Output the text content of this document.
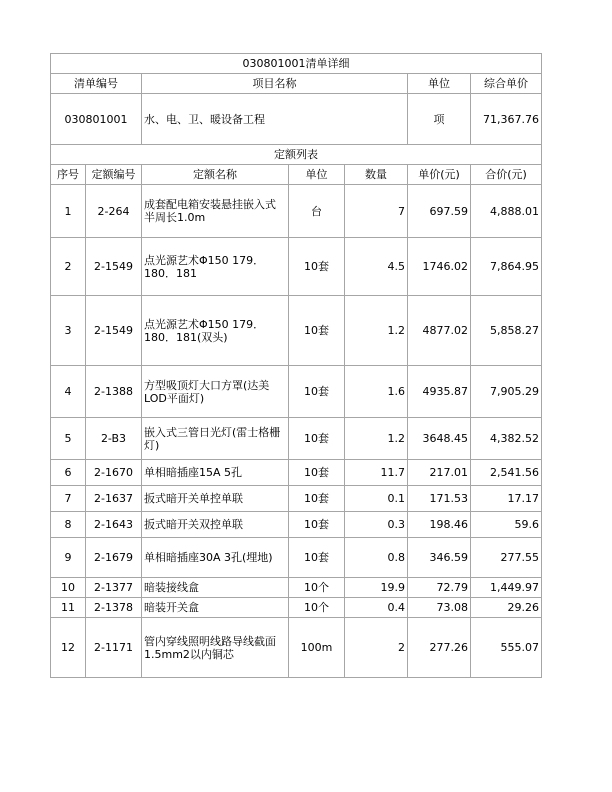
030801001清单详细			
清单编号	项目名称	单位	综合单价
030801001	水、电、卫、暖设备工程	项	71,367.76
定额列表						
序号	定额编号	定额名称	单位	数量	单价(元)	合价(元)
1	2-264	成套配电箱安装悬挂嵌入式 半周长1.0m	台	7	697.59	4,888.01
2	2-1549	点光源艺术Φ150 179．180．181	10套	4.5	1746.02	7,864.95
3	2-1549	点光源艺术Φ150 179．180．181(双头)	10套	1.2	4877.02	5,858.27
4	2-1388	方型吸顶灯大口方罩(达美LOD平面灯)	10套	1.6	4935.87	7,905.29
5	2-B3	嵌入式三管日光灯(雷士格栅灯)	10套	1.2	3648.45	4,382.52
6	2-1670	单相暗插座15A 5孔	10套	11.7	217.01	2,541.56
7	2-1637	扳式暗开关单控单联	10套	0.1	171.53	17.17
8	2-1643	扳式暗开关双控单联	10套	0.3	198.46	59.6
9	2-1679	单相暗插座30A 3孔(埋地)	10套	0.8	346.59	277.55
10	2-1377	暗装接线盒	10个	19.9	72.79	1,449.97
11	2-1378	暗装开关盒	10个	0.4	73.08	29.26
12	2-1171	管内穿线照明线路导线截面 1.5mm2以内铜芯	100m	2	277.26	555.07
